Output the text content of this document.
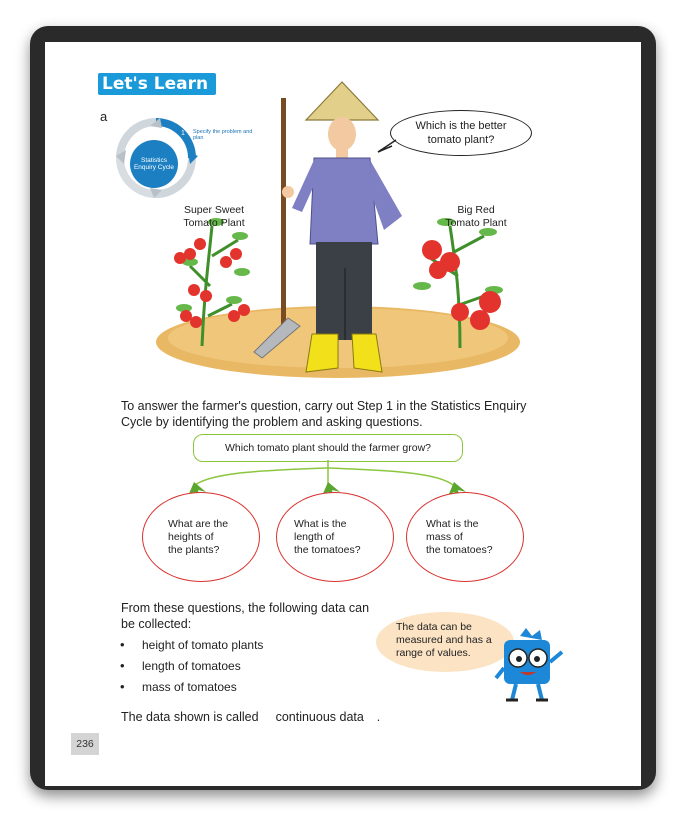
Let's Learn
a
1
Statistics Enquiry Cycle
Specify the problem and plan
Which is the better
tomato plant?
Super Sweet
Tomato Plant
Big Red
Tomato Plant
To answer the farmer's question, carry out Step 1 in the Statistics Enquiry Cycle by identifying the problem and asking questions.
Which tomato plant should the farmer grow?
What are the
heights of
the plants?
What is the
length of
the tomatoes?
What is the
mass of
the tomatoes?
From these questions, the following data can be collected:
• height of tomato plants
• length of tomatoes
• mass of tomatoes
The data can be measured and has a range of values.
The data shown is called continuous data .
236
